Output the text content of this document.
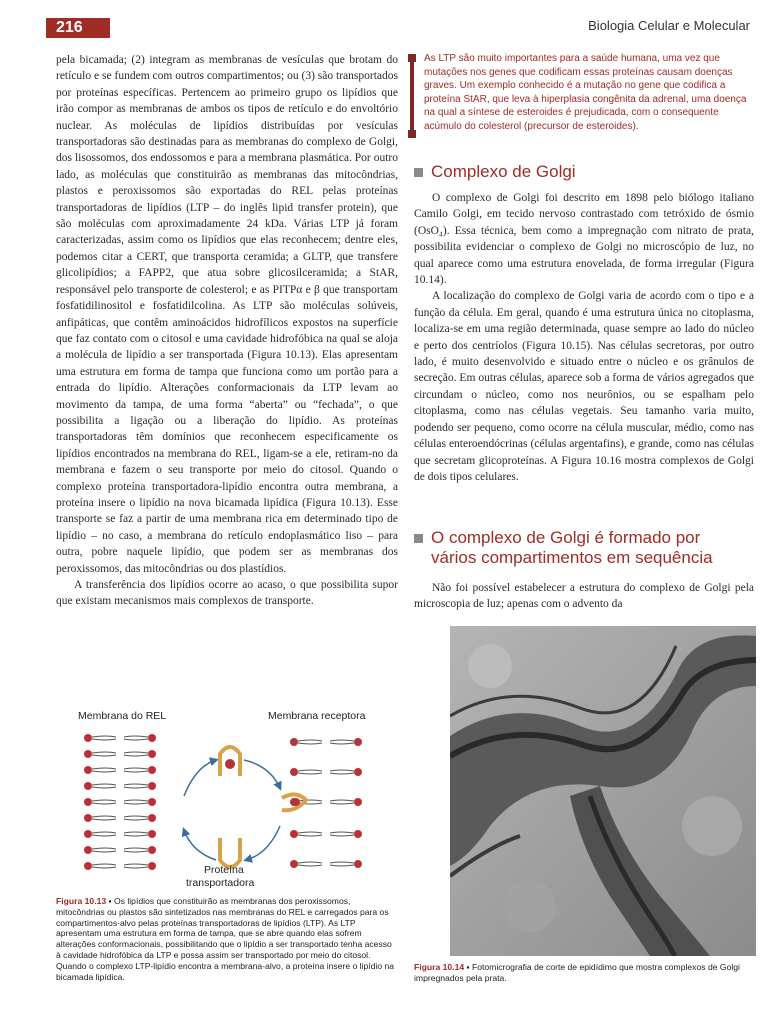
216	Biologia Celular e Molecular

pela bicamada; (2) integram as membranas de vesículas que brotam do retículo e se fundem com outros compartimentos; ou (3) são transportados por proteínas específicas. Pertencem ao primeiro grupo os lipídios que irão compor as membranas de ambos os tipos de retículo e do envoltório nuclear. As moléculas de lipídios distribuídas por vesículas transportadoras são destinadas para as membranas do complexo de Golgi, dos lisossomos, dos endossomos e para a membrana plasmática. Por outro lado, as moléculas que constituirão as membranas das mitocôndrias, plastos e peroxissomos são exportadas do REL pelas proteínas transportadoras de lipídios (LTP – do inglês lipid transfer protein), que são moléculas com aproximadamente 24 kDa. Várias LTP já foram caracterizadas, assim como os lipídios que elas reconhecem; dentre eles, podemos citar a CERT, que transporta ceramida; a GLTP, que transfere glicolipídios; a FAPP2, que atua sobre glicosilceramida; a StAR, responsável pelo transporte de colesterol; e as PITPα e β que transportam fosfatidilinositol e fosfatidilcolina. As LTP são moléculas solúveis, anfipáticas, que contêm aminoácidos hidrofílicos expostos na superfície que faz contato com o citosol e uma cavidade hidrofóbica na qual se aloja a molécula de lipídio a ser transportada (Figura 10.13). Elas apresentam uma estrutura em forma de tampa que funciona como um portão para a entrada do lipídio. Alterações conformacionais da LTP levam ao movimento da tampa, de uma forma “aberta” ou “fechada”, o que possibilita a ligação ou a liberação do lipídio. As proteínas transportadoras têm domínios que reconhecem especificamente os lipídios encontrados na membrana do REL, ligam-se a ele, retiram-no da membrana e fazem o seu transporte por meio do citosol. Quando o complexo proteína transportadora-lipídio encontra outra membrana, a proteína insere o lipídio na nova bicamada lipídica (Figura 10.13). Esse transporte se faz a partir de uma membrana rica em determinado tipo de lipídio – no caso, a membrana do retículo endoplasmático liso – para outra, pobre naquele lipídio, que podem ser as membranas dos peroxissomos, das mitocôndrias ou dos plastídios.

A transferência dos lipídios ocorre ao acaso, o que possibilita supor que existam mecanismos mais complexos de transporte.

As LTP são muito importantes para a saúde humana, uma vez que mutações nos genes que codificam essas proteínas causam doenças graves. Um exemplo conhecido é a mutação no gene que codifica a proteína StAR, que leva à hiperplasia congênita da adrenal, uma doença na qual a síntese de esteroides é prejudicada, com o consequente acúmulo do colesterol (precursor de esteroides).
Complexo de Golgi

O complexo de Golgi foi descrito em 1898 pelo biólogo italiano Camilo Golgi, em tecido nervoso contrastado com tetróxido de ósmio (OsO₄). Essa técnica, bem como a impregnação com nitrato de prata, possibilita evidenciar o complexo de Golgi no microscópio de luz, no qual aparece como uma estrutura enovelada, de forma irregular (Figura 10.14).

A localização do complexo de Golgi varia de acordo com o tipo e a função da célula. Em geral, quando é uma estrutura única no citoplasma, localiza-se em uma região determinada, quase sempre ao lado do núcleo e perto dos centríolos (Figura 10.15). Nas células secretoras, por outro lado, é muito desenvolvido e situado entre o núcleo e os grânulos de secreção. Em outras células, aparece sob a forma de vários agregados que circundam o núcleo, como nos neurônios, ou se espalham pelo citoplasma, como nas células vegetais. Seu tamanho varia muito, podendo ser pequeno, como ocorre na célula muscular, médio, como nas células enteroendócrinas (células argentafins), e grande, como nas células que secretam glicoproteínas. A Figura 10.16 mostra complexos de Golgi de dois tipos celulares.

O complexo de Golgi é formado por
vários compartimentos em sequência

Não foi possível estabelecer a estrutura do complexo de Golgi pela microscopia de luz; apenas com o advento da

Membrana do REL	Membrana receptora
Proteína
transportadora
Figura 10.13 ▪ Os lipídios que constituirão as membranas dos peroxissomos, mitocôndrias ou plastos são sintetizados nas membranas do REL e carregados para os compartimentos-alvo pelas proteínas transportadoras de lipídios (LTP). As LTP apresentam uma estrutura em forma de tampa, que se abre quando elas sofrem alterações conformacionais, possibilitando que o lipídio a ser transportado tenha acesso à cavidade hidrofóbica da LTP e possa assim ser transportado por meio do citosol. Quando o complexo LTP-lipídio encontra a membrana-alvo, a proteína insere o lipídio na bicamada lipídica.
Figura 10.14 ▪ Fotomicrografia de corte de epidídimo que mostra complexos de Golgi impregnados pela prata.
